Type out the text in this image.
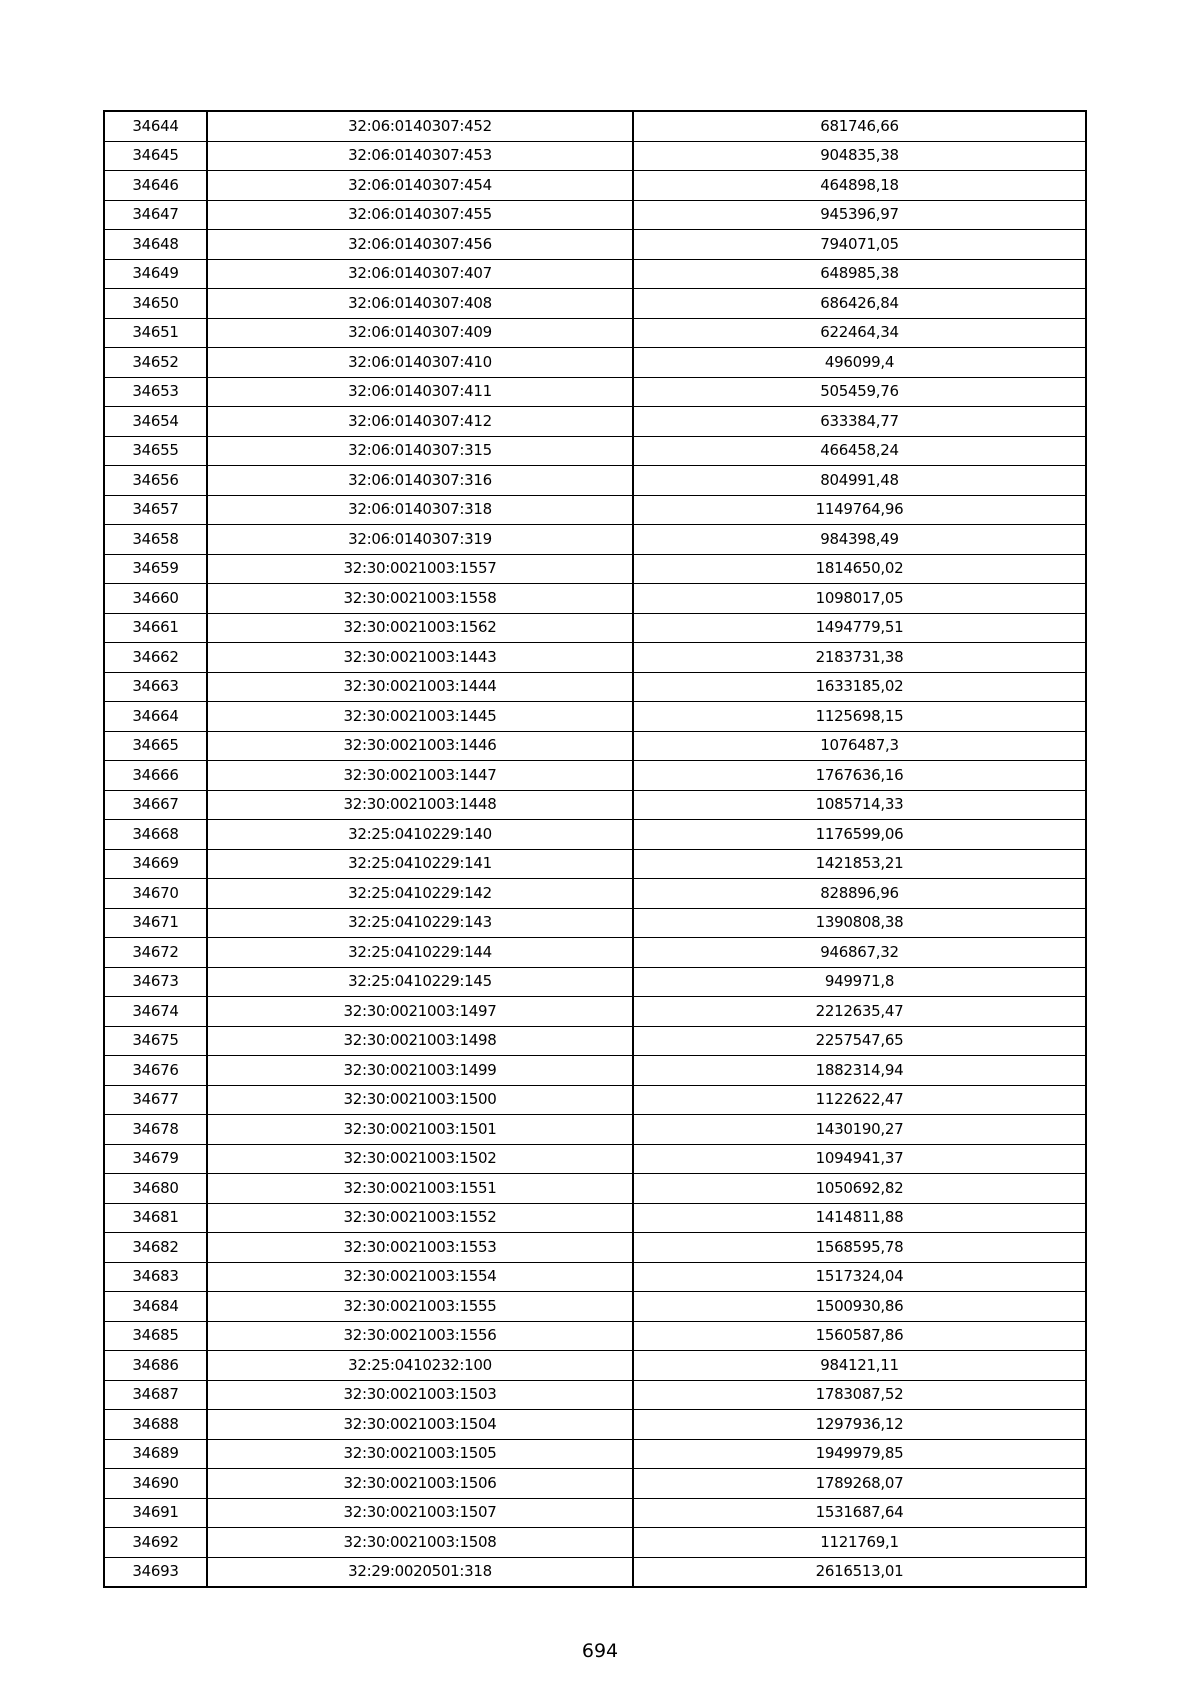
34644	32:06:0140307:452	681746,66
34645	32:06:0140307:453	904835,38
34646	32:06:0140307:454	464898,18
34647	32:06:0140307:455	945396,97
34648	32:06:0140307:456	794071,05
34649	32:06:0140307:407	648985,38
34650	32:06:0140307:408	686426,84
34651	32:06:0140307:409	622464,34
34652	32:06:0140307:410	496099,4
34653	32:06:0140307:411	505459,76
34654	32:06:0140307:412	633384,77
34655	32:06:0140307:315	466458,24
34656	32:06:0140307:316	804991,48
34657	32:06:0140307:318	1149764,96
34658	32:06:0140307:319	984398,49
34659	32:30:0021003:1557	1814650,02
34660	32:30:0021003:1558	1098017,05
34661	32:30:0021003:1562	1494779,51
34662	32:30:0021003:1443	2183731,38
34663	32:30:0021003:1444	1633185,02
34664	32:30:0021003:1445	1125698,15
34665	32:30:0021003:1446	1076487,3
34666	32:30:0021003:1447	1767636,16
34667	32:30:0021003:1448	1085714,33
34668	32:25:0410229:140	1176599,06
34669	32:25:0410229:141	1421853,21
34670	32:25:0410229:142	828896,96
34671	32:25:0410229:143	1390808,38
34672	32:25:0410229:144	946867,32
34673	32:25:0410229:145	949971,8
34674	32:30:0021003:1497	2212635,47
34675	32:30:0021003:1498	2257547,65
34676	32:30:0021003:1499	1882314,94
34677	32:30:0021003:1500	1122622,47
34678	32:30:0021003:1501	1430190,27
34679	32:30:0021003:1502	1094941,37
34680	32:30:0021003:1551	1050692,82
34681	32:30:0021003:1552	1414811,88
34682	32:30:0021003:1553	1568595,78
34683	32:30:0021003:1554	1517324,04
34684	32:30:0021003:1555	1500930,86
34685	32:30:0021003:1556	1560587,86
34686	32:25:0410232:100	984121,11
34687	32:30:0021003:1503	1783087,52
34688	32:30:0021003:1504	1297936,12
34689	32:30:0021003:1505	1949979,85
34690	32:30:0021003:1506	1789268,07
34691	32:30:0021003:1507	1531687,64
34692	32:30:0021003:1508	1121769,1
34693	32:29:0020501:318	2616513,01
694
